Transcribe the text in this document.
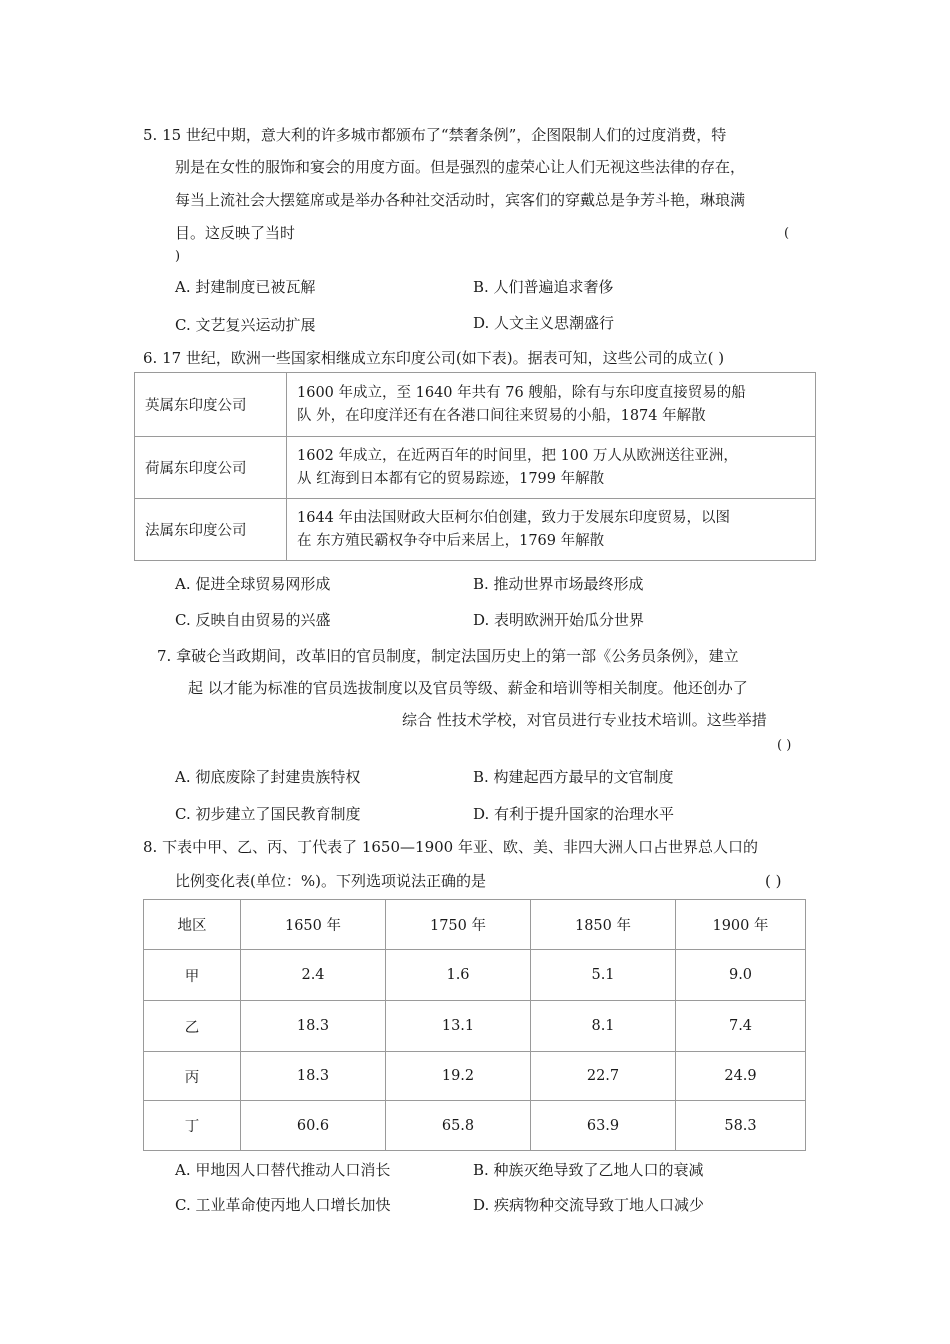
5. 15 世纪中期，意大利的许多城市都颁布了“禁奢条例”，企图限制人们的过度消费，特
别是在女性的服饰和宴会的用度方面。但是强烈的虚荣心让人们无视这些法律的存在，
每当上流社会大摆筵席或是举办各种社交活动时，宾客们的穿戴总是争芳斗艳，琳琅满
目。这反映了当时	(
)
A. 封建制度已被瓦解	B. 人们普遍追求奢侈
C. 文艺复兴运动扩展	D. 人文主义思潮盛行
6. 17 世纪，欧洲一些国家相继成立东印度公司(如下表)。据表可知，这些公司的成立( )
英属东印度公司	1600 年成立，至 1640 年共有 76 艘船，除有与东印度直接贸易的船
队 外，在印度洋还有在各港口间往来贸易的小船，1874 年解散

荷属东印度公司	1602 年成立，在近两百年的时间里，把 100 万人从欧洲送往亚洲，
从 红海到日本都有它的贸易踪迹，1799 年解散

法属东印度公司	1644 年由法国财政大臣柯尔伯创建，致力于发展东印度贸易，以图
在 东方殖民霸权争夺中后来居上，1769 年解散
A. 促进全球贸易网形成	B. 推动世界市场最终形成
C. 反映自由贸易的兴盛	D. 表明欧洲开始瓜分世界
7. 拿破仑当政期间，改革旧的官员制度，制定法国历史上的第一部《公务员条例》，建立
起 以才能为标准的官员选拔制度以及官员等级、薪金和培训等相关制度。他还创办了
综合 性技术学校，对官员进行专业技术培训。这些举措
( )
A. 彻底废除了封建贵族特权	B. 构建起西方最早的文官制度
C. 初步建立了国民教育制度	D. 有利于提升国家的治理水平
8. 下表中甲、乙、丙、丁代表了 1650—1900 年亚、欧、美、非四大洲人口占世界总人口的
比例变化表(单位：%)。下列选项说法正确的是	( )
地区	1650 年	1750 年	1850 年	1900 年
甲	2.4	1.6	5.1	9.0
乙	18.3	13.1	8.1	7.4
丙	18.3	19.2	22.7	24.9
丁	60.6	65.8	63.9	58.3
A. 甲地因人口替代推动人口消长	B. 种族灭绝导致了乙地人口的衰减
C. 工业革命使丙地人口增长加快	D. 疾病物种交流导致丁地人口减少
